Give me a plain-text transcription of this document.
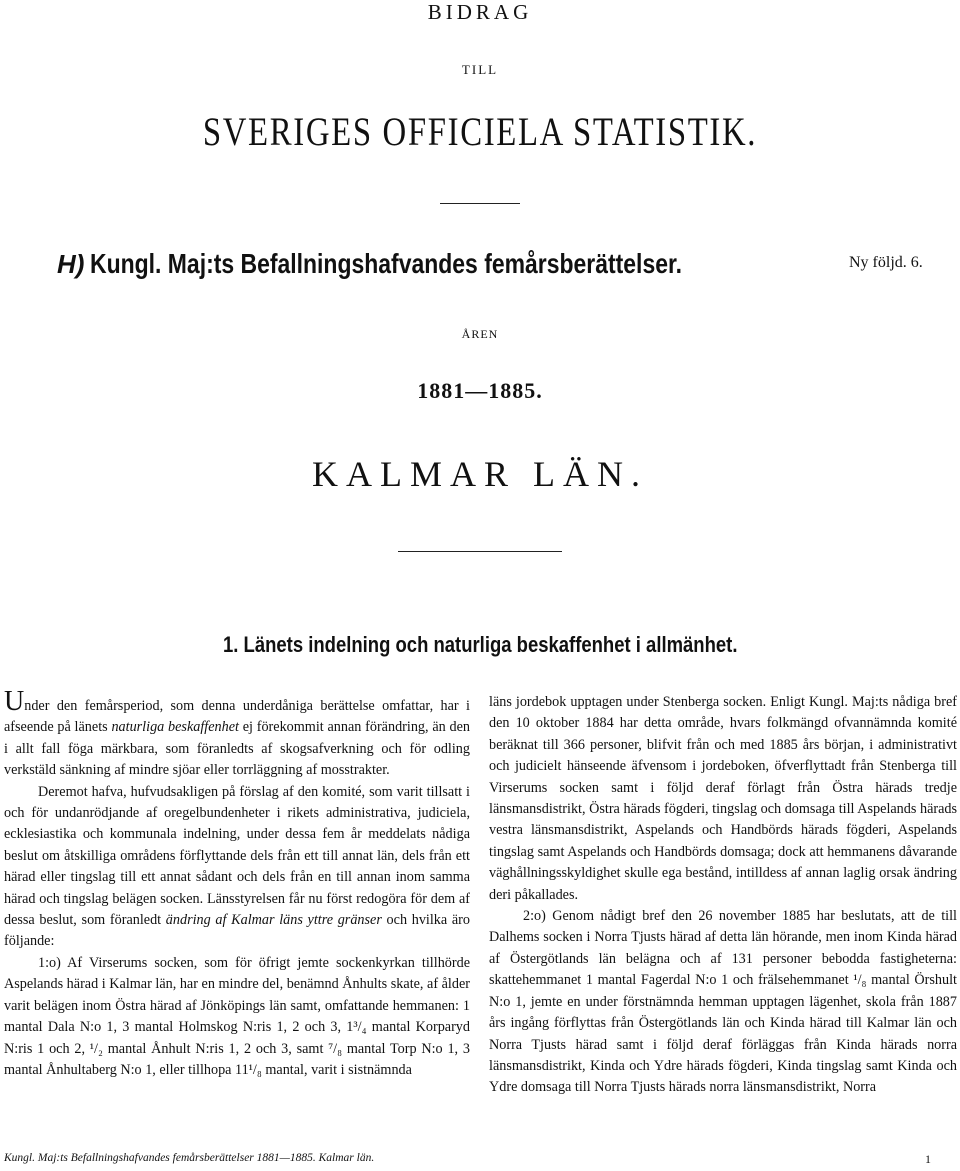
BIDRAG
TILL
SVERIGES OFFICIELA STATISTIK.
H) Kungl. Maj:ts Befallningshafvandes femårsberättelser.	Ny följd. 6.
ÅREN
1881—1885.
KALMAR LÄN.
1. Länets indelning och naturliga beskaffenhet i allmänhet.

Under den femårsperiod, som denna underdåniga berättelse omfattar, har i afseende på länets naturliga beskaffenhet ej förekommit annan förändring, än den i allt fall föga märkbara, som föranledts af skogsafverkning och för odling verkstäld sänkning af mindre sjöar eller torrläggning af mosstrakter.

Deremot hafva, hufvudsakligen på förslag af den komité, som varit tillsatt i och för undanrödjande af oregelbundenheter i rikets administrativa, judiciela, ecklesiastika och kommunala indelning, under dessa fem år meddelats nådiga beslut om åtskilliga områdens förflyttande dels från ett till annat län, dels från ett härad eller tingslag till ett annat sådant och dels från en till annan inom samma härad och tingslag belägen socken. Länsstyrelsen får nu först redogöra för dem af dessa beslut, som föranledt ändring af Kalmar läns yttre gränser och hvilka äro följande:

1:o) Af Virserums socken, som för öfrigt jemte sockenkyrkan tillhörde Aspelands härad i Kalmar län, har en mindre del, benämnd Ånhults skate, af ålder varit belägen inom Östra härad af Jönköpings län samt, omfattande hemmanen: 1 mantal Dala N:o 1, 3 mantal Holmskog N:ris 1, 2 och 3, 1³/₄ mantal Korparyd N:ris 1 och 2, ¹/₂ mantal Ånhult N:ris 1, 2 och 3, samt ⁷/₈ mantal Torp N:o 1, 3 mantal Ånhultaberg N:o 1, eller tillhopa 11¹/₈ mantal, varit i sistnämnda

läns jordebok upptagen under Stenberga socken. Enligt Kungl. Maj:ts nådiga bref den 10 oktober 1884 har detta område, hvars folkmängd ofvannämnda komité beräknat till 366 personer, blifvit från och med 1885 års början, i administrativt och judicielt hänseende äfvensom i jordeboken, öfverflyttadt från Stenberga till Virserums socken samt i följd deraf förlagt från Östra härads tredje länsmansdistrikt, Östra härads fögderi, tingslag och domsaga till Aspelands härads vestra länsmansdistrikt, Aspelands och Handbörds härads fögderi, Aspelands tingslag samt Aspelands och Handbörds domsaga; dock att hemmanens dåvarande väghållningsskyldighet skulle ega bestånd, intilldess af annan laglig orsak ändring deri påkallades.

2:o) Genom nådigt bref den 26 november 1885 har beslutats, att de till Dalhems socken i Norra Tjusts härad af detta län hörande, men inom Kinda härad af Östergötlands län belägna och af 131 personer bebodda fastigheterna: skattehemmanet 1 mantal Fagerdal N:o 1 och frälsehemmanet ¹/₈ mantal Örshult N:o 1, jemte en under förstnämnda hemman upptagen lägenhet, skola från 1887 års ingång förflyttas från Östergötlands län och Kinda härad till Kalmar län och Norra Tjusts härad samt i följd deraf förläggas från Kinda härads norra länsmansdistrikt, Kinda och Ydre härads fögderi, Kinda tingslag samt Kinda och Ydre domsaga till Norra Tjusts härads norra länsmansdistrikt, Norra

Kungl. Maj:ts Befallningshafvandes femårsberättelser 1881—1885. Kalmar län.	1
